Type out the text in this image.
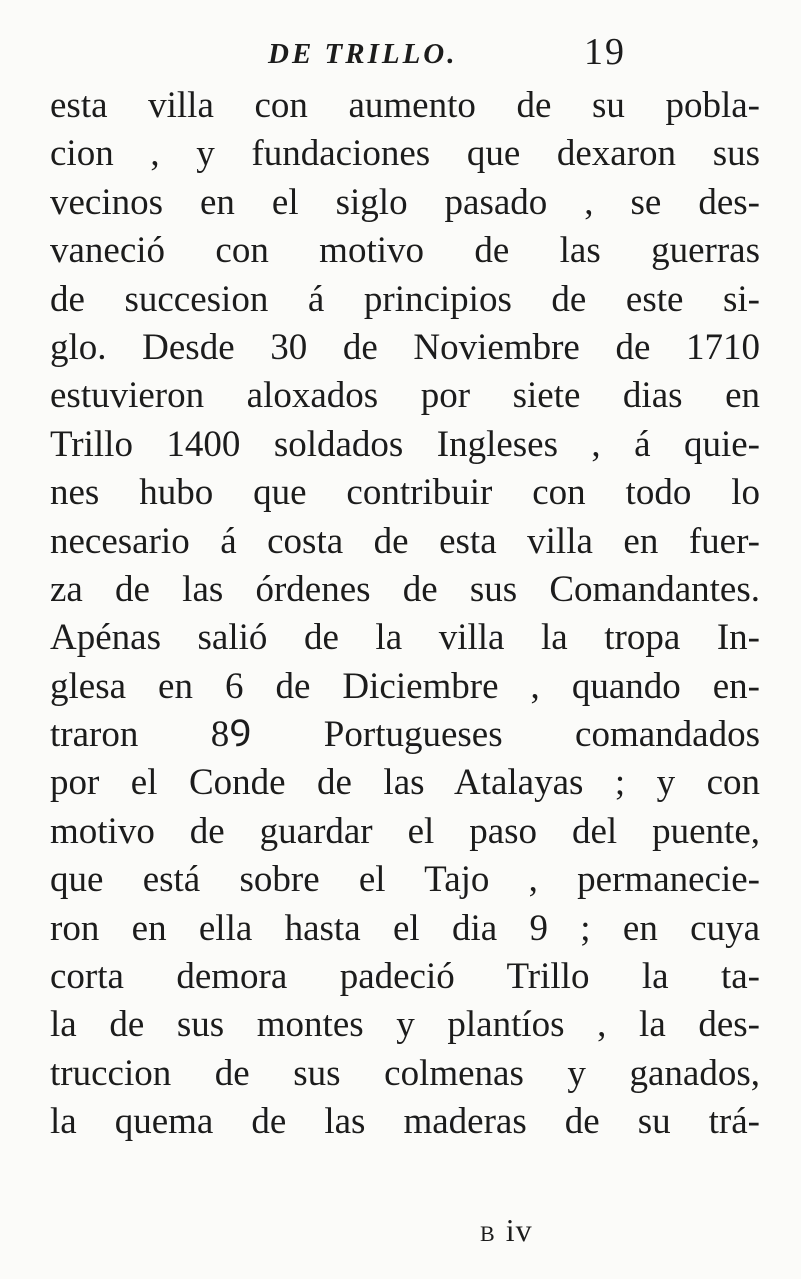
DE TRILLO.	19
esta villa con aumento de su pobla-
cion , y fundaciones que dexaron sus
vecinos en el siglo pasado , se des-
vaneció con motivo de las guerras
de succesion á principios de este si-
glo. Desde 30 de Noviembre de 1710
estuvieron aloxados por siete dias en
Trillo 1400 soldados Ingleses , á quie-
nes hubo que contribuir con todo lo
necesario á costa de esta villa en fuer-
za de las órdenes de sus Comandantes.
Apénas salió de la villa la tropa In-
glesa en 6 de Diciembre , quando en-
traron 8Ꝯ Portugueses comandados
por el Conde de las Atalayas ; y con
motivo de guardar el paso del puente,
que está sobre el Tajo , permanecie-
ron en ella hasta el dia 9 ; en cuya
corta demora padeció Trillo la ta-
la de sus montes y plantíos , la des-
truccion de sus colmenas y ganados,
la quema de las maderas de su trá-
B iv
